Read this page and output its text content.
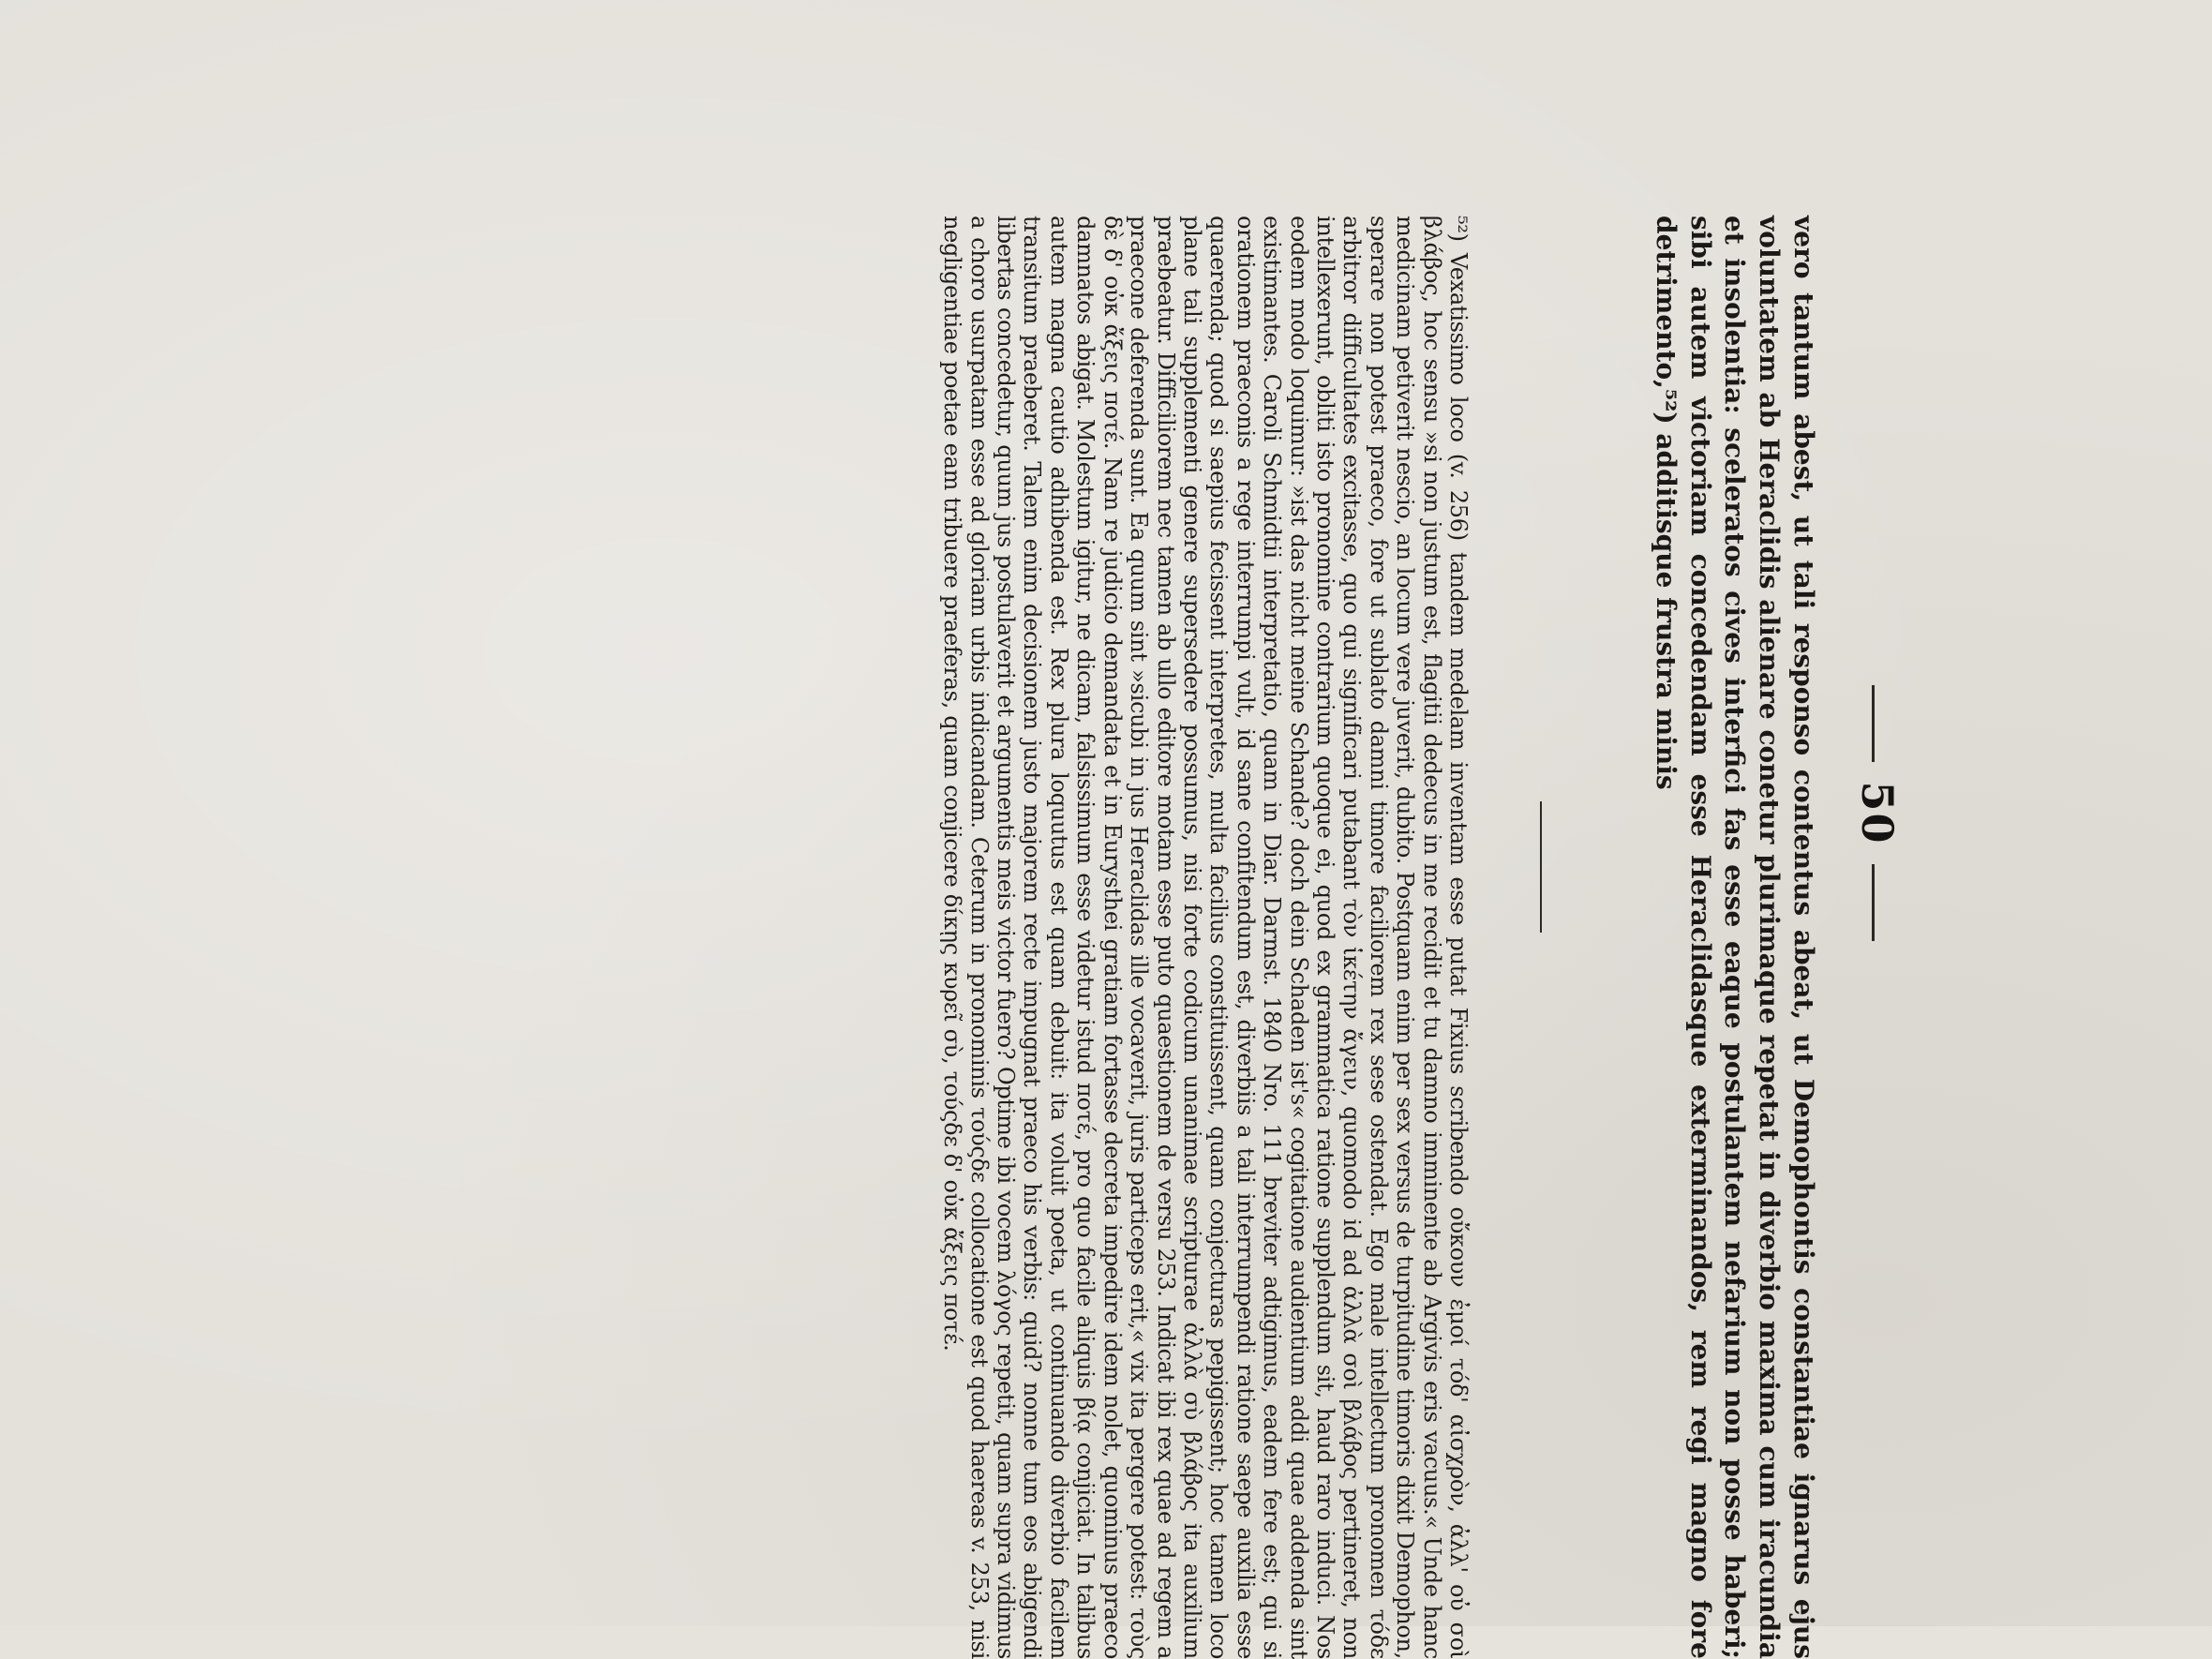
50
vero tantum abest, ut tali responso contentus abeat, ut Demophontis constantiae ignarus ejus voluntatem ab Heraclidis alienare conetur plurimaque repetat in diverbio maxima cum iracundia et insolentia: sceleratos cives interfici fas esse eaque postulantem nefarium non posse haberi; sibi autem victoriam concedendam esse Heraclidasque exterminandos, rem regi magno fore detrimento,⁵²) additisque frustra minis
⁵²) Vexatissimo loco (v. 256) tandem medelam inventam esse putat Fixius scribendo οὔκουν ἐμοί τόδ' αἰσχρὸν, ἀλλ' οὐ σοὶ βλάβος, hoc sensu »si non justum est, flagitii dedecus in me recidit et tu damno imminente ab Argivis eris vacuus.« Unde hanc medicinam petiverit nescio, an locum vere juverit, dubito. Postquam enim per sex versus de turpitudine timoris dixit Demophon, sperare non potest praeco, fore ut sublato damni timore faciliorem rex sese ostendat. Ego male intellectum pronomen τόδε arbitror difficultates excitasse, quo qui significari putabant τὸν ἱκέτην ἄγειν, quomodo id ad ἀλλὰ σοὶ βλάβος pertineret, non intellexerunt, obliti isto pronomine contrarium quoque ei, quod ex grammatica ratione supplendum sit, haud raro induci. Nos eodem modo loquimur: »ist das nicht meine Schande? doch dein Schaden ist's« cogitatione audientium addi quae addenda sint existimantes. Caroli Schmidtii interpretatio, quam in Diar. Darmst. 1840 Nro. 111 breviter adtigimus, eadem fere est; qui si orationem praeconis a rege interrumpi vult, id sane confitendum est, diverbiis a tali interrumpendi ratione saepe auxilia esse quaerenda; quod si saepius fecissent interpretes, multa facilius constituissent, quam conjecturas pepigissent; hoc tamen loco plane tali supplementi genere supersedere possumus, nisi forte codicum unanimae scripturae ἀλλὰ σὺ βλάβος ita auxilium praebeatur. Difficiliorem nec tamen ab ullo editore motam esse puto quaestionem de versu 253. Indicat ibi rex quae ad regem a praecone deferenda sunt. Ea quum sint »sicubi in jus Heraclidas ille vocaverit, juris particeps erit,« vix ita pergere potest: τοὺς δὲ δ' οὐκ ἄξεις ποτέ. Nam re judicio demandata et in Eurysthei gratiam fortasse decreta impedire idem nolet, quominus praeco damnatos abigat. Molestum igitur, ne dicam, falsissimum esse videtur istud ποτέ, pro quo facile aliquis βίᾳ conjiciat. In talibus autem magna cautio adhibenda est. Rex plura loquutus est quam debuit: ita voluit poeta, ut continuando diverbio facilem transitum praeberet. Talem enim decisionem justo majorem recte impugnat praeco his verbis: quid? nonne tum eos abigendi libertas concedetur, quum jus postulaverit et argumentis meis victor fuero? Optime ibi vocem λόγος repetit, quam supra vidimus a choro usurpatam esse ad gloriam urbis indicandam. Ceterum in pronominis τούςδε collocatione est quod haereas v. 253, nisi negligentiae poetae eam tribuere praeferas, quam conjicere δίκῃς κυρεῖ σὺ, τούςδε δ' οὐκ ἄξεις ποτέ.
